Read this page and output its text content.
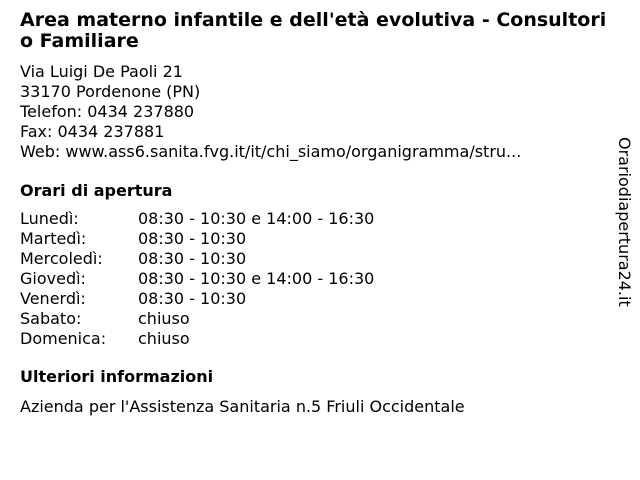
Area materno infantile e dell'età evolutiva - Consultorio Familiare
Via Luigi De Paoli 21
33170 Pordenone (PN)
Telefon: 0434 237880
Fax: 0434 237881
Web: www.ass6.sanita.fvg.it/it/chi_siamo/organigramma/stru...
Orari di apertura
Lunedì:	08:30 - 10:30 e 14:00 - 16:30
Martedì:	08:30 - 10:30
Mercoledì:	08:30 - 10:30
Giovedì:	08:30 - 10:30 e 14:00 - 16:30
Venerdì:	08:30 - 10:30
Sabato:	chiuso
Domenica:	chiuso
Ulteriori informazioni
Azienda per l'Assistenza Sanitaria n.5 Friuli Occidentale
Orariodiapertura24.it
